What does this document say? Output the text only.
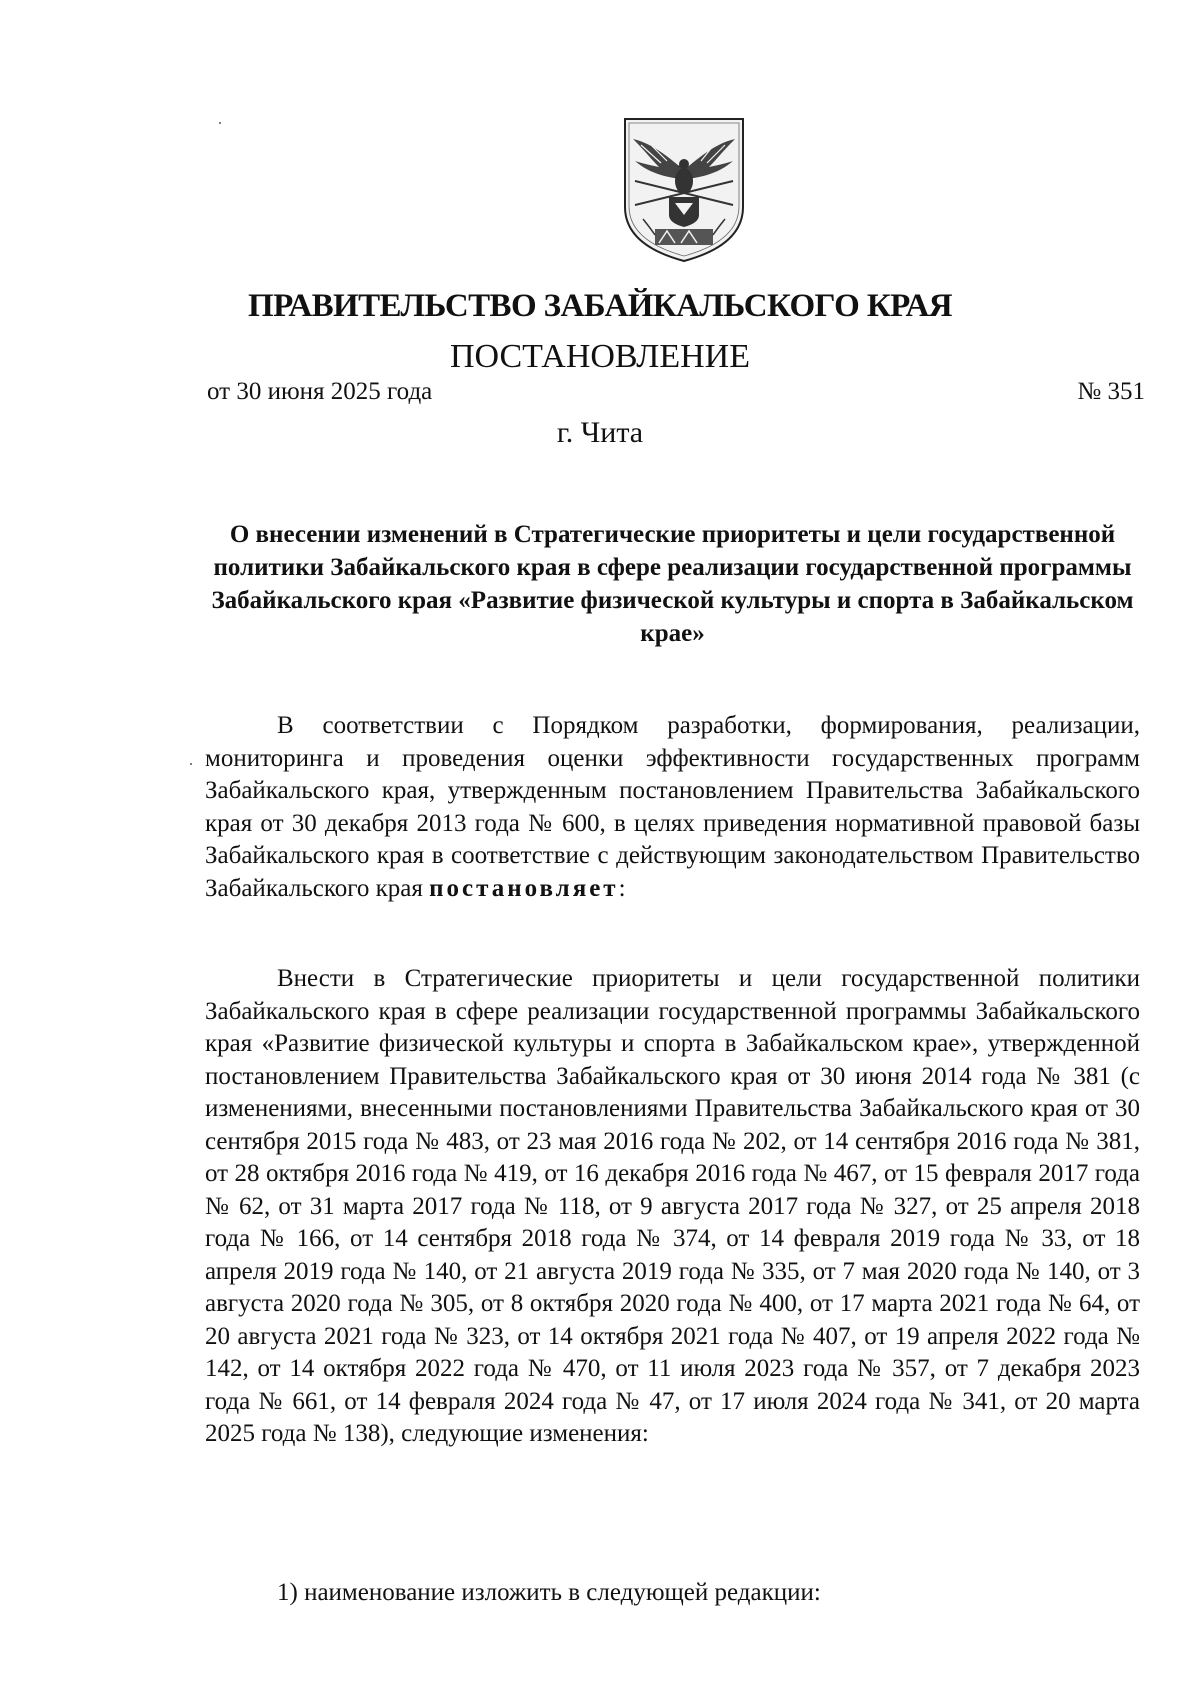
ПРАВИТЕЛЬСТВО ЗАБАЙКАЛЬСКОГО КРАЯ
ПОСТАНОВЛЕНИЕ
от 30 июня 2025 года	№ 351
г. Чита

О внесении изменений в Стратегические приоритеты и цели государственной политики Забайкальского края в сфере реализации государственной программы Забайкальского края «Развитие физической культуры и спорта в Забайкальском крае»

В соответствии с Порядком разработки, формирования, реализации, мониторинга и проведения оценки эффективности государственных программ Забайкальского края, утвержденным постановлением Правительства Забайкальского края от 30 декабря 2013 года № 600, в целях приведения нормативной правовой базы Забайкальского края в соответствие с действующим законодательством Правительство Забайкальского края постановляет:

Внести в Стратегические приоритеты и цели государственной политики Забайкальского края в сфере реализации государственной программы Забайкальского края «Развитие физической культуры и спорта в Забайкальском крае», утвержденной постановлением Правительства Забайкальского края от 30 июня 2014 года № 381 (с изменениями, внесенными постановлениями Правительства Забайкальского края от 30 сентября 2015 года № 483, от 23 мая 2016 года № 202, от 14 сентября 2016 года № 381, от 28 октября 2016 года № 419, от 16 декабря 2016 года № 467, от 15 февраля 2017 года № 62, от 31 марта 2017 года № 118, от 9 августа 2017 года № 327, от 25 апреля 2018 года № 166, от 14 сентября 2018 года № 374, от 14 февраля 2019 года № 33, от 18 апреля 2019 года № 140, от 21 августа 2019 года № 335, от 7 мая 2020 года № 140, от 3 августа 2020 года № 305, от 8 октября 2020 года № 400, от 17 марта 2021 года № 64, от 20 августа 2021 года № 323, от 14 октября 2021 года № 407, от 19 апреля 2022 года № 142, от 14 октября 2022 года № 470, от 11 июля 2023 года № 357, от 7 декабря 2023 года № 661, от 14 февраля 2024 года № 47, от 17 июля 2024 года № 341, от 20 марта 2025 года № 138), следующие изменения:

1) наименование изложить в следующей редакции:
